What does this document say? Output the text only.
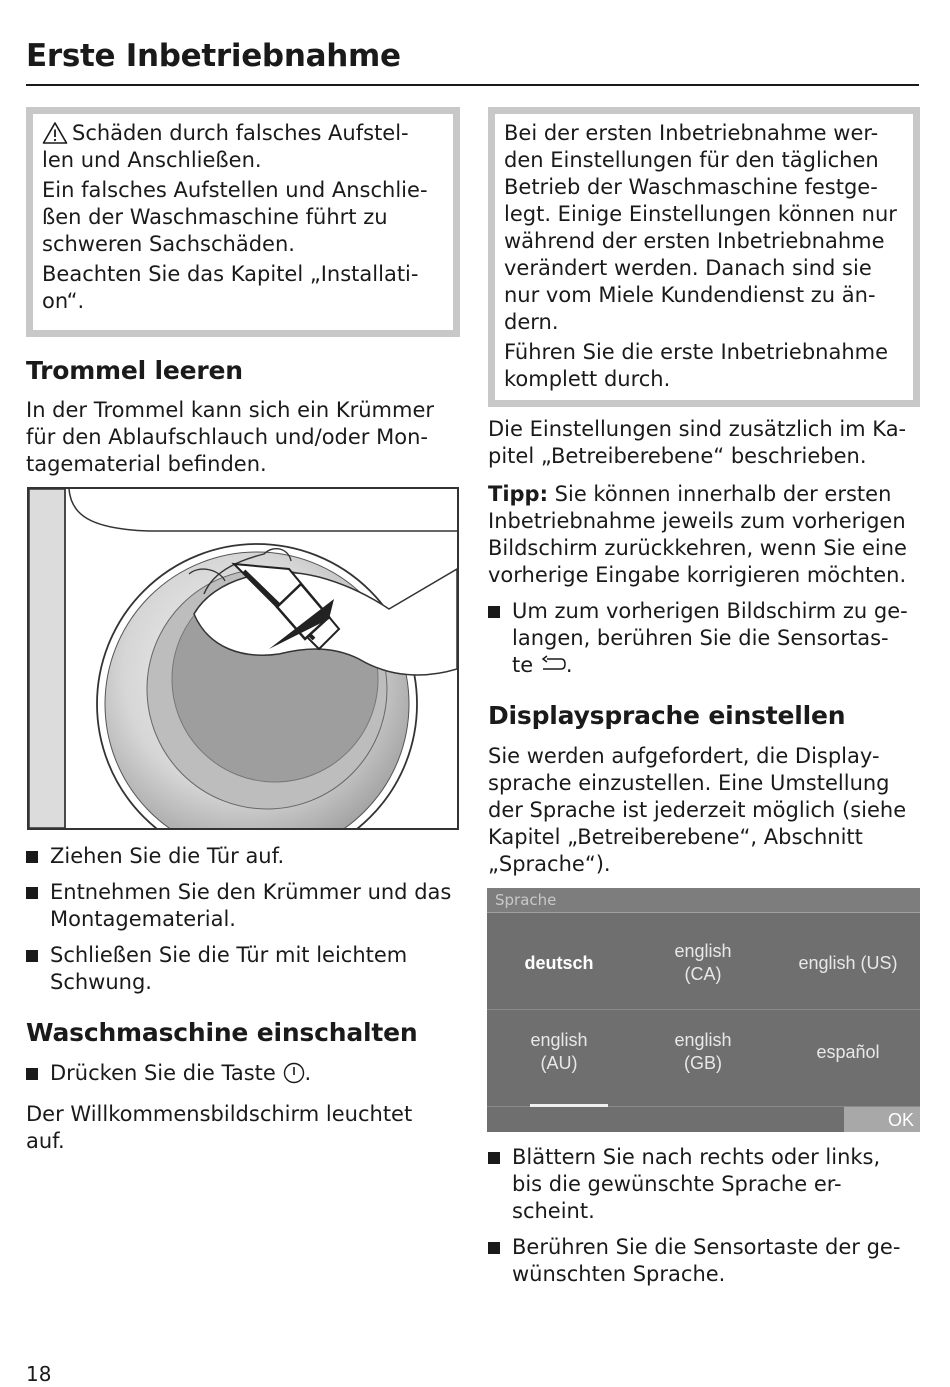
Erste Inbetriebnahme

Schäden durch falsches Aufstel-
len und Anschließen.

Ein falsches Aufstellen und Anschlie-
ßen der Waschmaschine führt zu
schweren Sachschäden.

Beachten Sie das Kapitel „Installati-
on“.

Trommel leeren

In der Trommel kann sich ein Krümmer
für den Ablaufschlauch und/oder Mon-
tagematerial befinden.

Ziehen Sie die Tür auf.
Entnehmen Sie den Krümmer und das
Montagematerial.
Schließen Sie die Tür mit leichtem
Schwung.
Waschmaschine einschalten
Drücken Sie die Taste .

Der Willkommensbildschirm leuchtet
auf.

Bei der ersten Inbetriebnahme wer-
den Einstellungen für den täglichen
Betrieb der Waschmaschine festge-
legt. Einige Einstellungen können nur
während der ersten Inbetriebnahme
verändert werden. Danach sind sie
nur vom Miele Kundendienst zu än-
dern.

Führen Sie die erste Inbetriebnahme
komplett durch.

Die Einstellungen sind zusätzlich im Ka-
pitel „Betreiberebene“ beschrieben.

Tipp: Sie können innerhalb der ersten
Inbetriebnahme jeweils zum vorherigen
Bildschirm zurückkehren, wenn Sie eine
vorherige Eingabe korrigieren möchten.

Um zum vorherigen Bildschirm zu ge-
langen, berühren Sie die Sensortas-
te .
Displaysprache einstellen

Sie werden aufgefordert, die Display-
sprache einzustellen. Eine Umstellung
der Sprache ist jederzeit möglich (siehe
Kapitel „Betreiberebene“, Abschnitt
„Sprache“).

Sprache
deutsch
english
(CA)
english (US)
english
(AU)
english
(GB)
español
OK
Blättern Sie nach rechts oder links,
bis die gewünschte Sprache er-
scheint.
Berühren Sie die Sensortaste der ge-
wünschten Sprache.

18
